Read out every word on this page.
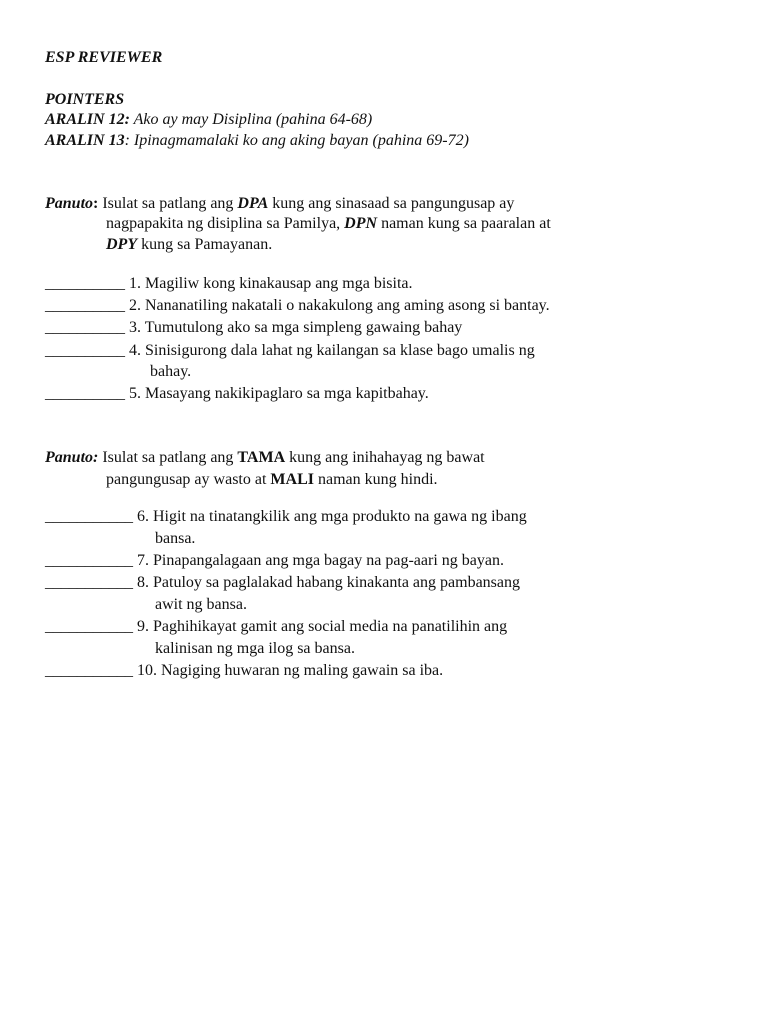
ESP REVIEWER
POINTERS
ARALIN 12: Ako ay may Disiplina (pahina 64-68)
ARALIN 13: Ipinagmamalaki ko ang aking bayan (pahina 69-72)
Panuto: Isulat sa patlang ang DPA kung ang sinasaad sa pangungusap ay
nagpapakita ng disiplina sa Pamilya, DPN naman kung sa paaralan at
DPY kung sa Pamayanan.
__________ 1. Magiliw kong kinakausap ang mga bisita.
__________ 2. Nananatiling nakatali o nakakulong ang aming asong si bantay.
__________ 3. Tumutulong ako sa mga simpleng gawaing bahay
__________ 4. Sinisigurong dala lahat ng kailangan sa klase bago umalis ng
bahay.
__________ 5. Masayang nakikipaglaro sa mga kapitbahay.
Panuto: Isulat sa patlang ang TAMA kung ang inihahayag ng bawat
pangungusap ay wasto at MALI naman kung hindi.
___________ 6. Higit na tinatangkilik ang mga produkto na gawa ng ibang
bansa.
___________ 7. Pinapangalagaan ang mga bagay na pag-aari ng bayan.
___________ 8. Patuloy sa paglalakad habang kinakanta ang pambansang
awit ng bansa.
___________ 9. Paghihikayat gamit ang social media na panatilihin ang
kalinisan ng mga ilog sa bansa.
___________ 10. Nagiging huwaran ng maling gawain sa iba.
